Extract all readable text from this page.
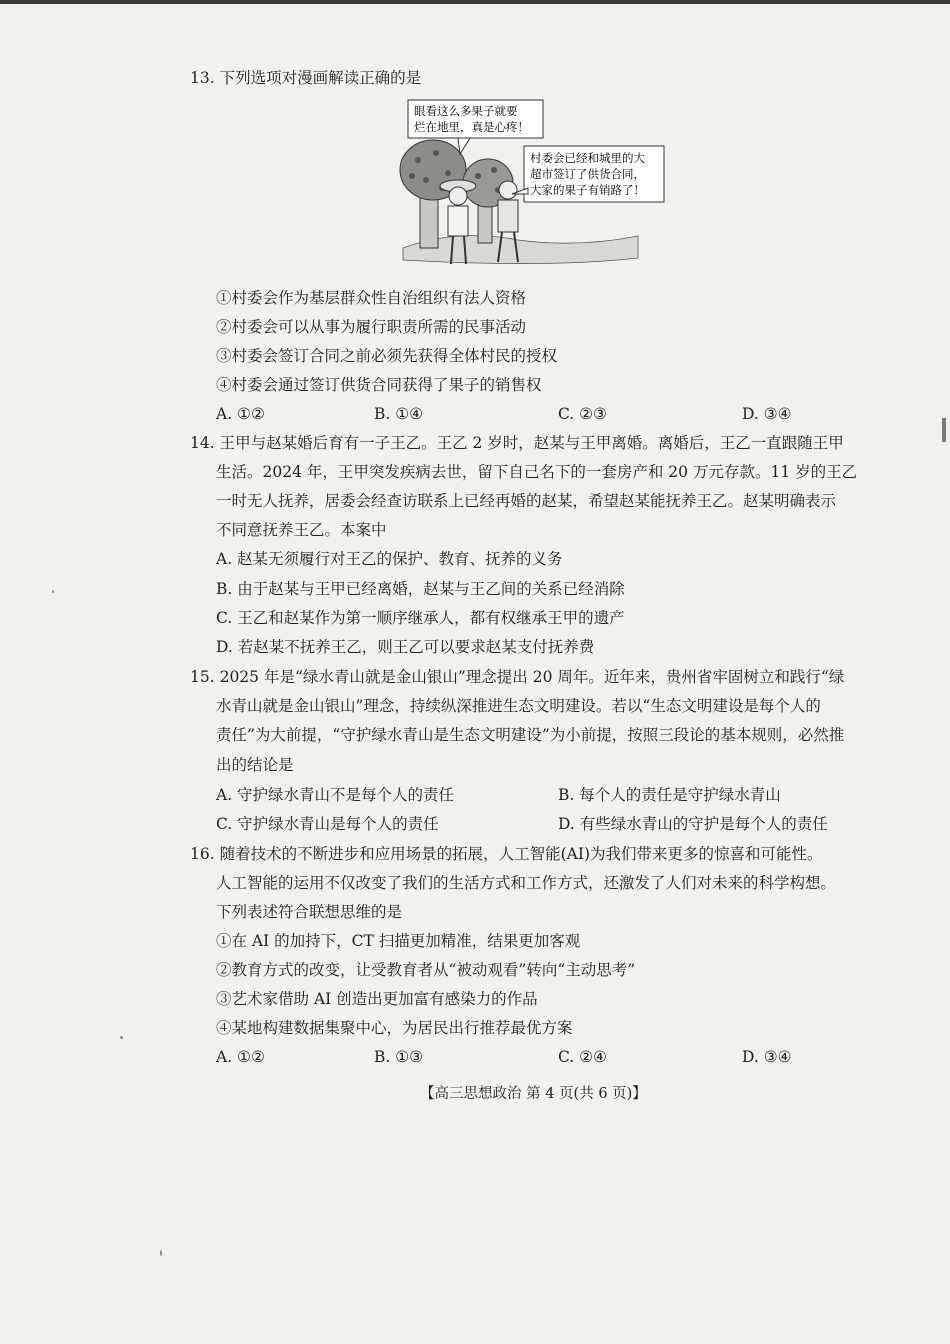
13. 下列选项对漫画解读正确的是
眼看这么多果子就要
烂在地里，真是心疼！
村委会已经和城里的大
超市签订了供货合同，
大家的果子有销路了！
①村委会作为基层群众性自治组织有法人资格
②村委会可以从事为履行职责所需的民事活动
③村委会签订合同之前必须先获得全体村民的授权
④村委会通过签订供货合同获得了果子的销售权
A. ①②	B. ①④	C. ②③	D. ③④
14. 王甲与赵某婚后育有一子王乙。王乙 2 岁时，赵某与王甲离婚。离婚后，王乙一直跟随王甲
生活。2024 年，王甲突发疾病去世，留下自己名下的一套房产和 20 万元存款。11 岁的王乙
一时无人抚养，居委会经查访联系上已经再婚的赵某，希望赵某能抚养王乙。赵某明确表示
不同意抚养王乙。本案中
A. 赵某无须履行对王乙的保护、教育、抚养的义务
B. 由于赵某与王甲已经离婚，赵某与王乙间的关系已经消除
C. 王乙和赵某作为第一顺序继承人，都有权继承王甲的遗产
D. 若赵某不抚养王乙，则王乙可以要求赵某支付抚养费
15. 2025 年是“绿水青山就是金山银山”理念提出 20 周年。近年来，贵州省牢固树立和践行“绿
水青山就是金山银山”理念，持续纵深推进生态文明建设。若以“生态文明建设是每个人的
责任”为大前提，“守护绿水青山是生态文明建设”为小前提，按照三段论的基本规则，必然推
出的结论是
A. 守护绿水青山不是每个人的责任	B. 每个人的责任是守护绿水青山
C. 守护绿水青山是每个人的责任	D. 有些绿水青山的守护是每个人的责任
16. 随着技术的不断进步和应用场景的拓展，人工智能(AI)为我们带来更多的惊喜和可能性。
人工智能的运用不仅改变了我们的生活方式和工作方式，还激发了人们对未来的科学构想。
下列表述符合联想思维的是
①在 AI 的加持下，CT 扫描更加精准，结果更加客观
②教育方式的改变，让受教育者从“被动观看”转向“主动思考”
③艺术家借助 AI 创造出更加富有感染力的作品
④某地构建数据集聚中心，为居民出行推荐最优方案
A. ①②	B. ①③	C. ②④	D. ③④
【高三思想政治 第 4 页(共 6 页)】
